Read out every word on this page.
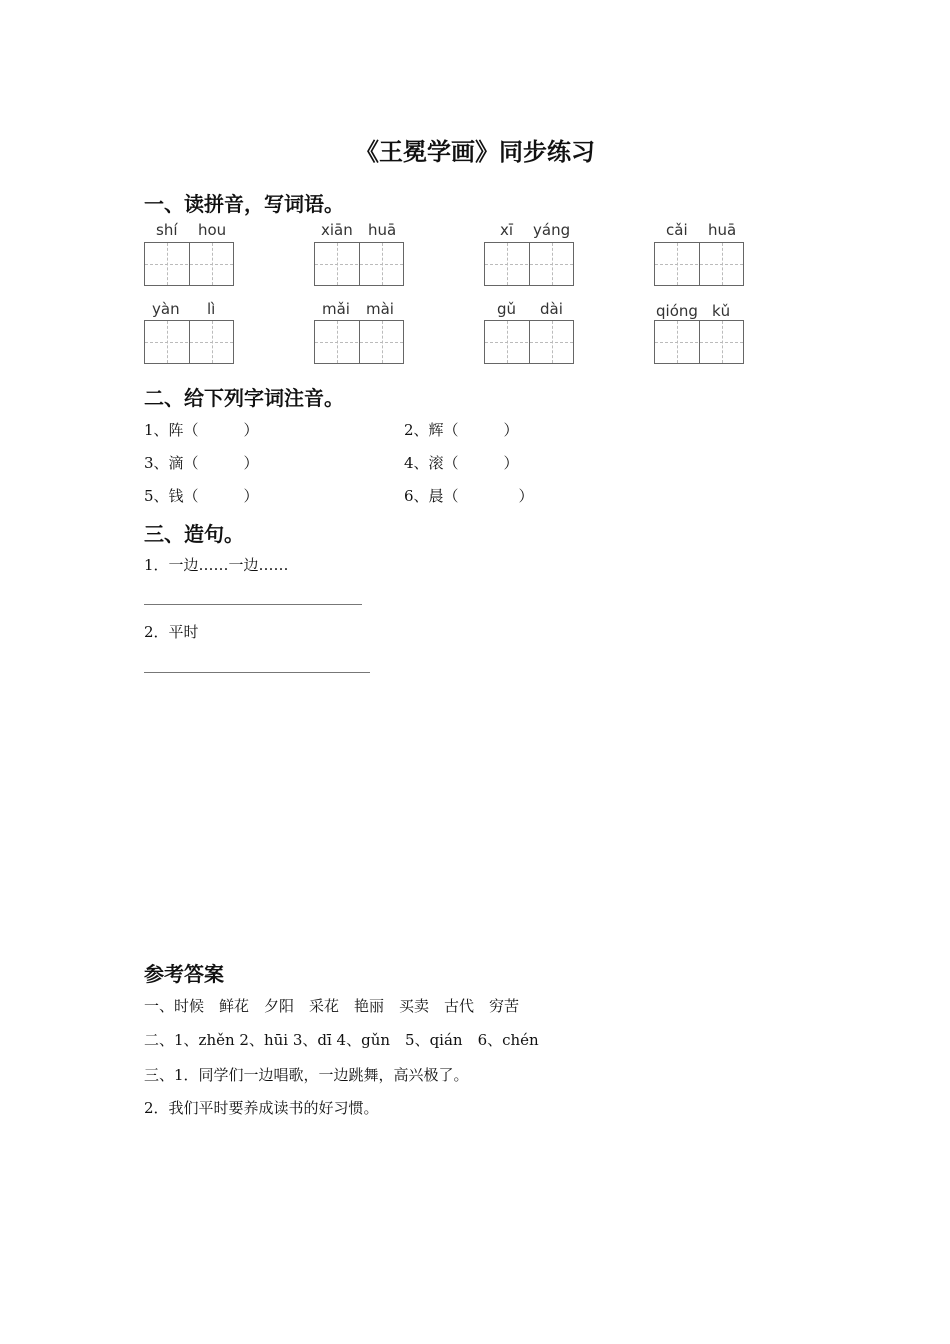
《王冕学画》同步练习
一、读拼音，写词语。
shí hou	xiān huā	xī yáng	cǎi huā
yàn lì	mǎi mài	gǔ dài	qióng kǔ
二、给下列字词注音。
1、阵（　　　）	2、辉（　　　）
3、滴（　　　）	4、滚（　　　）
5、钱（　　　）	6、晨（　　　　）
三、造句。
1．一边……一边……
2．平时
参考答案
一、时候　鲜花　夕阳　采花　艳丽　买卖　古代　穷苦
二、1、zhěn 2、hūi 3、dī 4、gǔn　5、qián　6、chén
三、1．同学们一边唱歌，一边跳舞，高兴极了。
2．我们平时要养成读书的好习惯。
